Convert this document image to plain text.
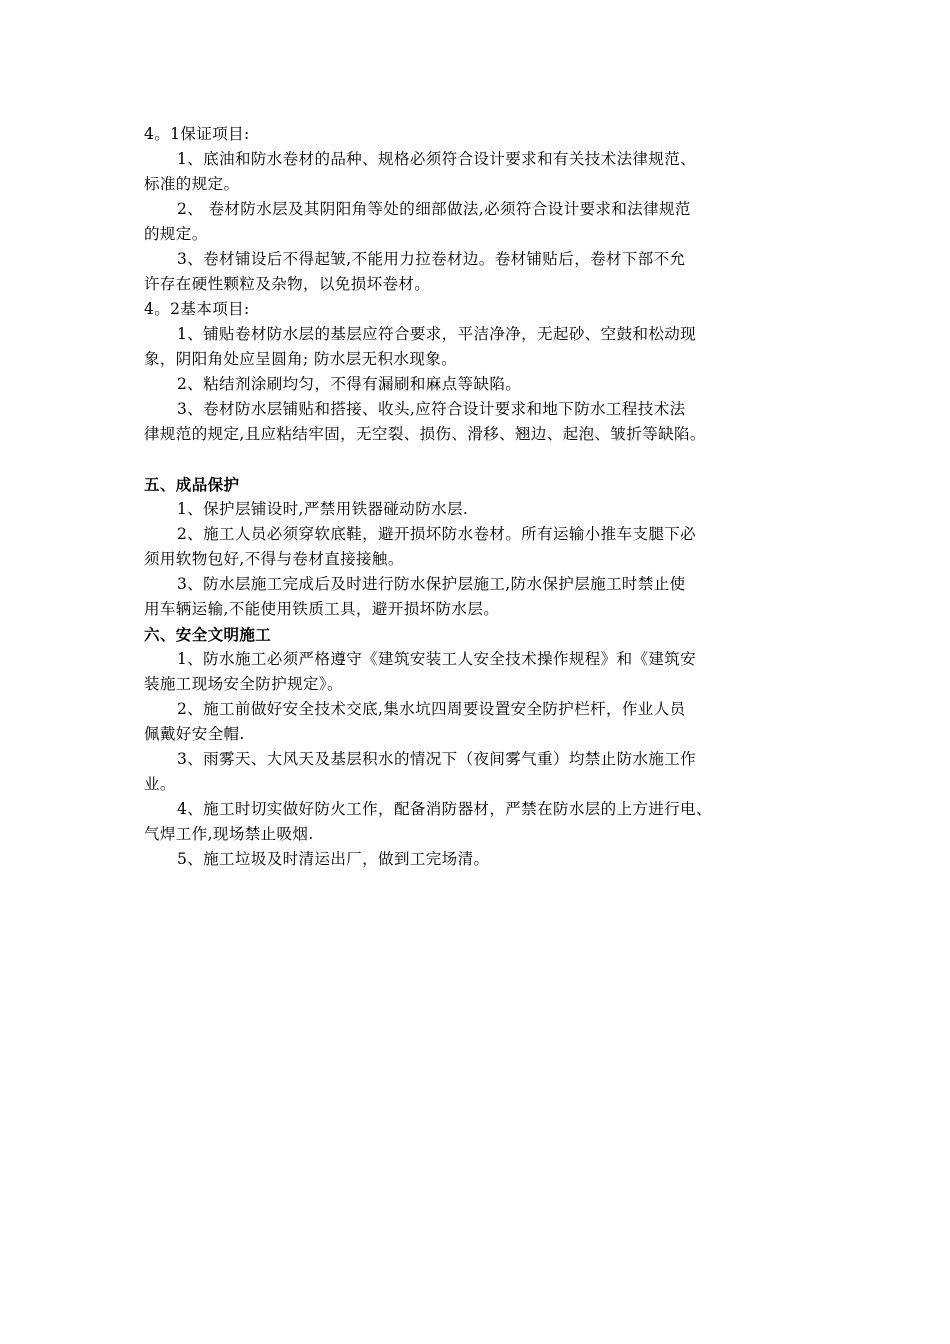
4。1保证项目:
1、底油和防水卷材的品种、规格必须符合设计要求和有关技术法律规范、
标准的规定。
2、 卷材防水层及其阴阳角等处的细部做法,必须符合设计要求和法律规范
的规定。
3、卷材铺设后不得起皱,不能用力拉卷材边。卷材铺贴后，卷材下部不允
许存在硬性颗粒及杂物，以免损坏卷材。
4。2基本项目:
1、铺贴卷材防水层的基层应符合要求，平洁净净，无起砂、空鼓和松动现
象，阴阳角处应呈圆角; 防水层无积水现象。
2、粘结剂涂刷均匀，不得有漏刷和麻点等缺陷。
3、卷材防水层铺贴和搭接、收头,应符合设计要求和地下防水工程技术法
律规范的规定,且应粘结牢固，无空裂、损伤、滑移、翘边、起泡、皱折等缺陷。
五、成品保护
1、保护层铺设时,严禁用铁器碰动防水层.
2、施工人员必须穿软底鞋，避开损坏防水卷材。所有运输小推车支腿下必
须用软物包好,不得与卷材直接接触。
3、防水层施工完成后及时进行防水保护层施工,防水保护层施工时禁止使
用车辆运输,不能使用铁质工具，避开损坏防水层。
六、安全文明施工
1、防水施工必须严格遵守《建筑安装工人安全技术操作规程》和《建筑安
装施工现场安全防护规定》。
2、施工前做好安全技术交底,集水坑四周要设置安全防护栏杆，作业人员
佩戴好安全帽.
3、雨雾天、大风天及基层积水的情况下（夜间雾气重）均禁止防水施工作
业。
4、施工时切实做好防火工作，配备消防器材，严禁在防水层的上方进行电、
气焊工作,现场禁止吸烟.
5、施工垃圾及时清运出厂，做到工完场清。
